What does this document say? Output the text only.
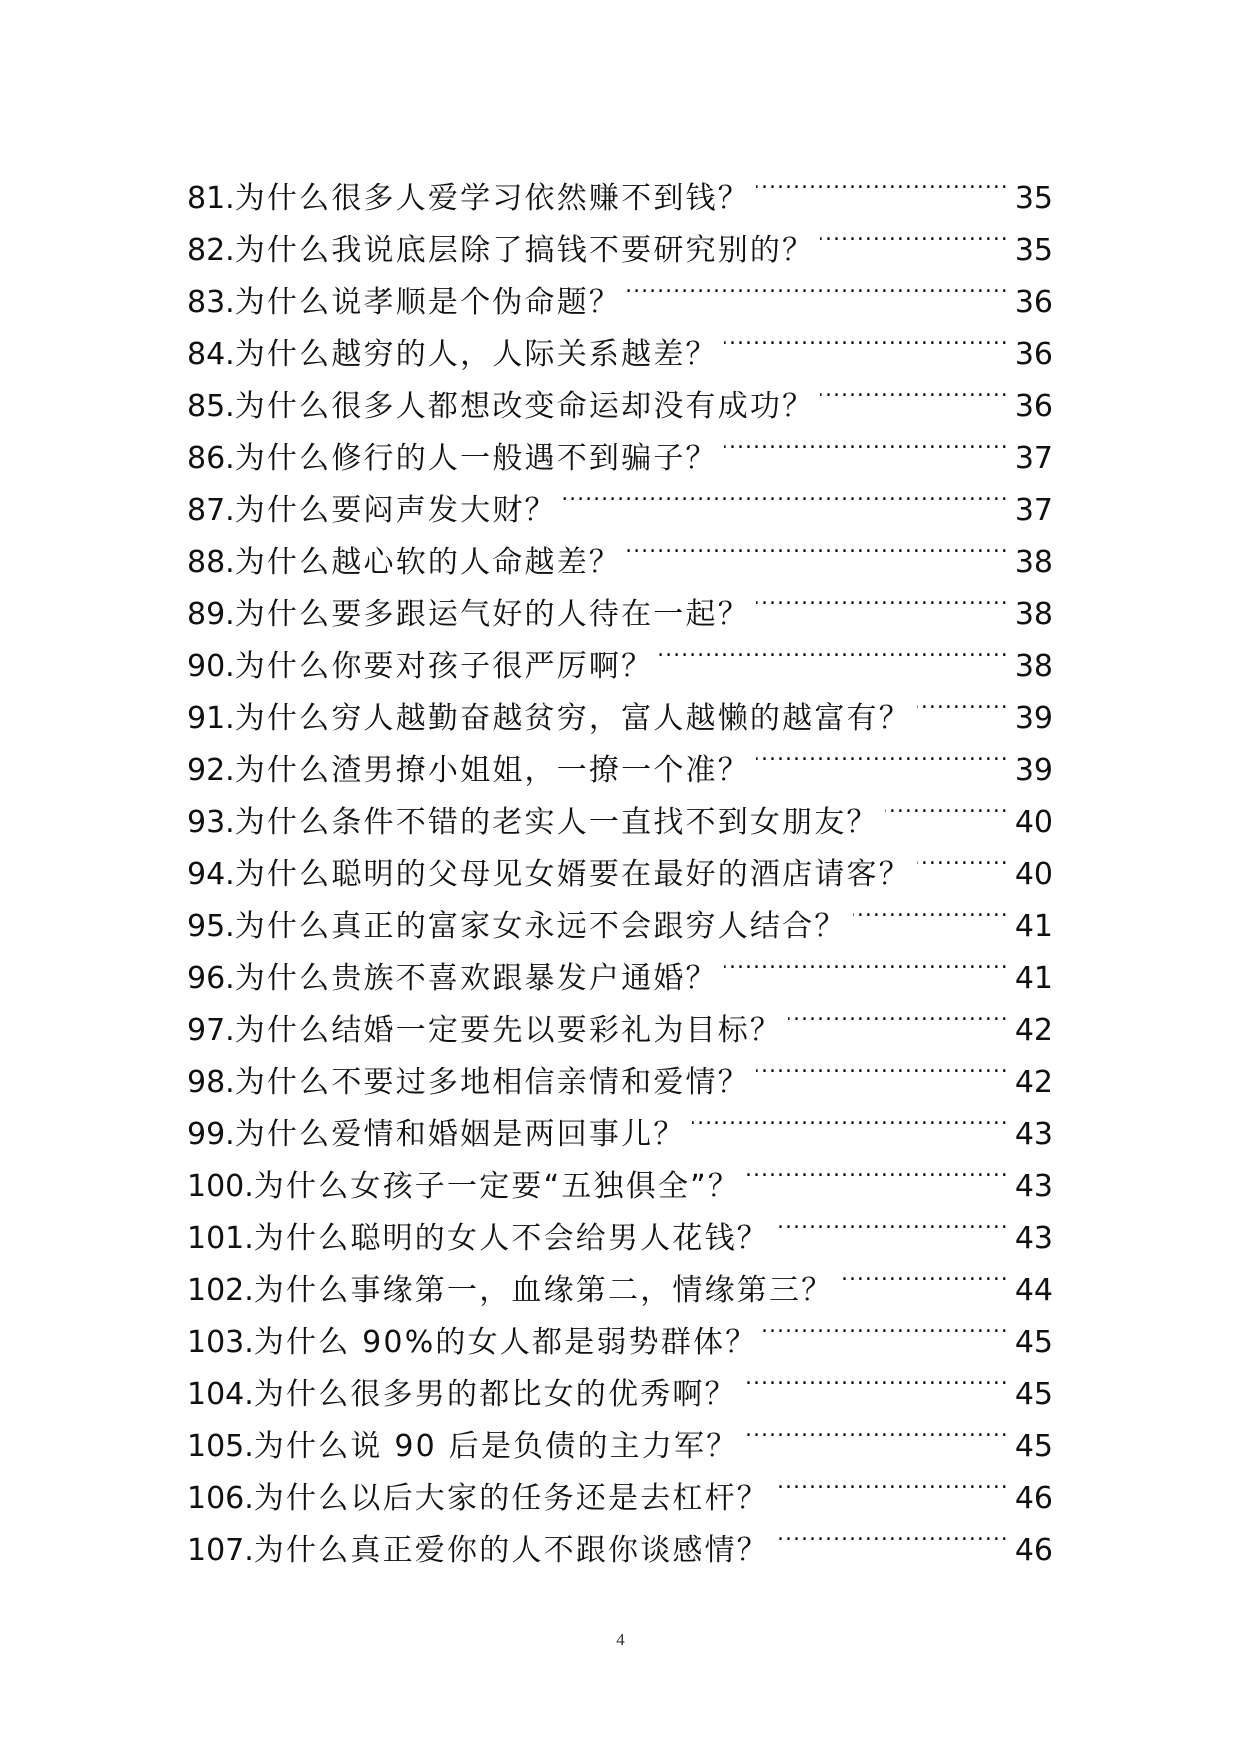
81. 为什么很多人爱学习依然赚不到钱？ .....	35
82. 为什么我说底层除了搞钱不要研究别的？ .....	35
83. 为什么说孝顺是个伪命题？ .....	36
84. 为什么越穷的人，人际关系越差？ .....	36
85. 为什么很多人都想改变命运却没有成功？ .....	36
86. 为什么修行的人一般遇不到骗子？ .....	37
87. 为什么要闷声发大财？ .....	37
88. 为什么越心软的人命越差？ .....	38
89. 为什么要多跟运气好的人待在一起？ .....	38
90. 为什么你要对孩子很严厉啊？ .....	38
91. 为什么穷人越勤奋越贫穷，富人越懒的越富有？ .....	39
92. 为什么渣男撩小姐姐，一撩一个准？ .....	39
93. 为什么条件不错的老实人一直找不到女朋友？ .....	40
94. 为什么聪明的父母见女婿要在最好的酒店请客？ .....	40
95. 为什么真正的富家女永远不会跟穷人结合？ .....	41
96. 为什么贵族不喜欢跟暴发户通婚？ .....	41
97. 为什么结婚一定要先以要彩礼为目标？ .....	42
98. 为什么不要过多地相信亲情和爱情？ .....	42
99. 为什么爱情和婚姻是两回事儿？ .....	43
100. 为什么女孩子一定要“五独俱全”？ .....	43
101. 为什么聪明的女人不会给男人花钱？ .....	43
102. 为什么事缘第一，血缘第二，情缘第三？ .....	44
103. 为什么 90%的女人都是弱势群体？ .....	45
104. 为什么很多男的都比女的优秀啊？ .....	45
105. 为什么说 90 后是负债的主力军？ .....	45
106. 为什么以后大家的任务还是去杠杆？ .....	46
107. 为什么真正爱你的人不跟你谈感情？ .....	46
4
